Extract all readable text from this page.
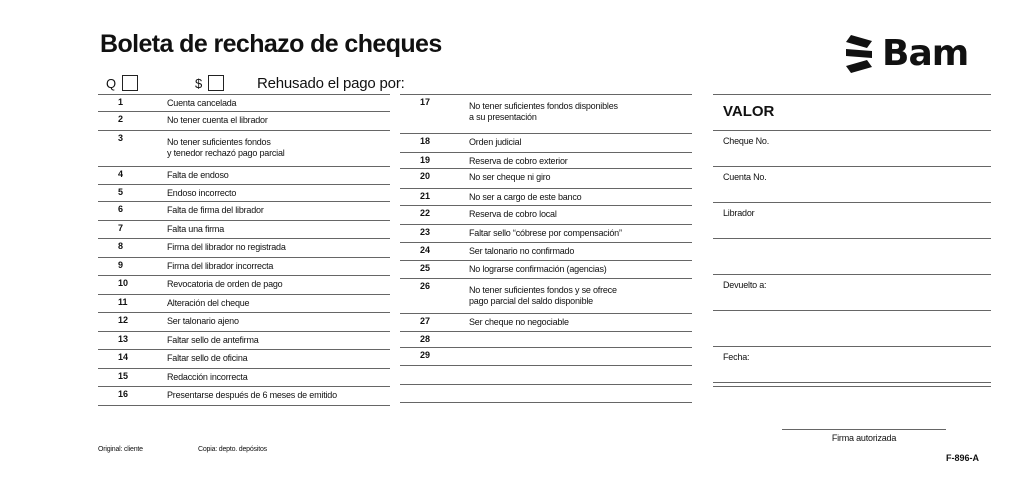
Boleta de rechazo de cheques	Bam
Q	$	Rehusado el pago por:
1	Cuenta cancelada
2	No tener cuenta el librador
3	No tener suficientes fondos
y tenedor rechazó pago parcial
4	Falta de endoso
5	Endoso incorrecto
6	Falta de firma del librador
7	Falta una firma
8	Firma del librador no registrada
9	Firma del librador incorrecta
10	Revocatoria de orden de pago
11	Alteración del cheque
12	Ser talonario ajeno
13	Faltar sello de antefirma
14	Faltar sello de oficina
15	Redacción incorrecta
16	Presentarse después de 6 meses de emitido
17	No tener suficientes fondos disponibles
a su presentación
18	Orden judicial
19	Reserva de cobro exterior
20	No ser cheque ni giro
21	No ser a cargo de este banco
22	Reserva de cobro local
23	Faltar sello “cóbrese por compensación”
24	Ser talonario no confirmado
25	No lograrse confirmación (agencias)
26	No tener suficientes fondos y se ofrece
pago parcial del saldo disponible
27	Ser cheque no negociable
28
29
VALOR
Cheque No.
Cuenta No.
Librador
Devuelto a:
Fecha:
Firma autorizada
Original: cliente	Copia: depto. depósitos
F-896-A
